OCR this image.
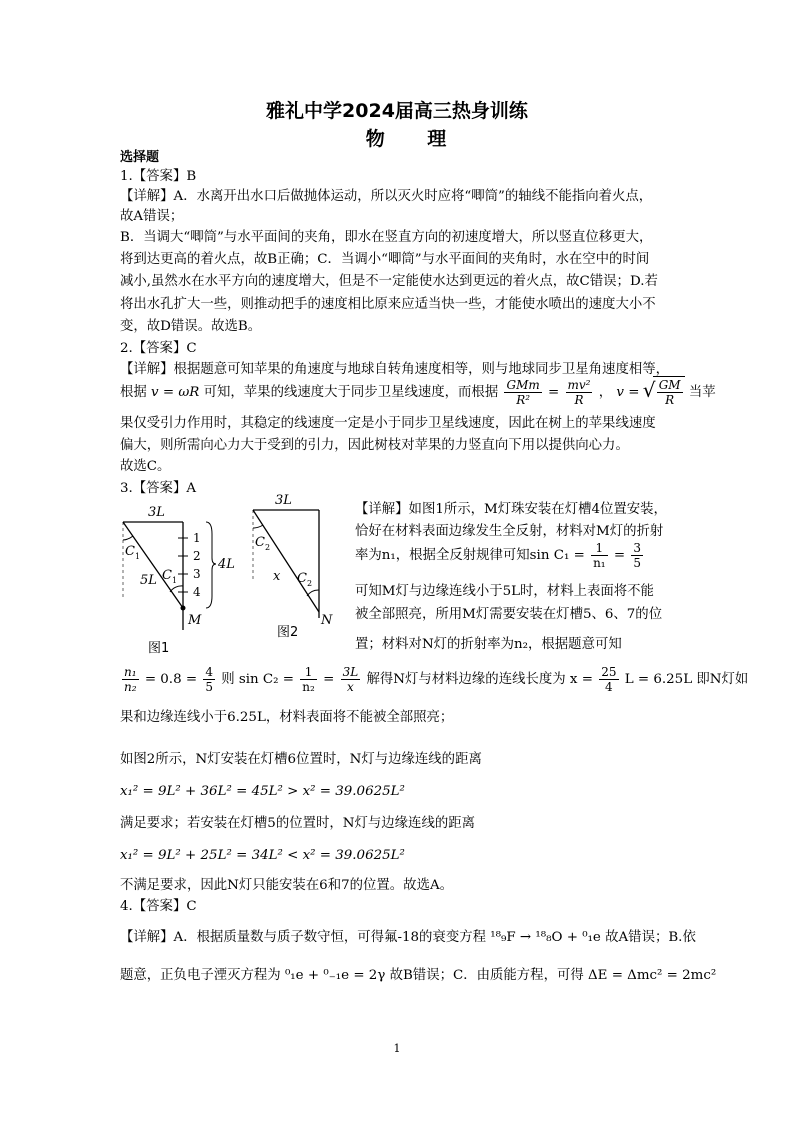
雅礼中学2024届高三热身训练
物 理
选择题
1.【答案】B
【详解】A．水离开出水口后做抛体运动，所以灭火时应将“唧筒”的轴线不能指向着火点，
故A错误；
B．当调大“唧筒”与水平面间的夹角，即水在竖直方向的初速度增大，所以竖直位移更大，
将到达更高的着火点，故B正确；C．当调小“唧筒”与水平面间的夹角时，水在空中的时间
减小,虽然水在水平方向的速度增大，但是不一定能使水达到更远的着火点，故C错误；D.若
将出水孔扩大一些，则推动把手的速度相比原来应适当快一些，才能使水喷出的速度大小不
变，故D错误。故选B。
2.【答案】C
【详解】根据题意可知苹果的角速度与地球自转角速度相等，则与地球同步卫星角速度相等，
根据 v = ωR 可知，苹果的线速度大于同步卫星线速度，而根据 $\frac{\text{GMm}}{\text{R²}} = \frac{\text{mv²}}{R}$ ， v =
√ $\frac{GM}{R}$ 当苹
果仅受引力作用时，其稳定的线速度一定是小于同步卫星线速度，因此在树上的苹果线速度
偏大，则所需向心力大于受到的引力，因此树枝对苹果的力竖直向下用以提供向心力。
故选C。
3.【答案】A
3L
4L
5L
C 1
C 1
1
2
3
4
M
图1
3L
C 2
x C 2
N
图2
【详解】如图1所示，M灯珠安装在灯槽4位置安装，
恰好在材料表面边缘发生全反射，材料对M灯的折射
率为n₁，根据全反射规律可知$\sin C_1 = \frac{1}{\text{n₁}} = \frac{3}{5}$
可知M灯与边缘连线小于5L时，材料上表面将不能
被全部照亮，所用M灯需要安装在灯槽5、6、7的位
置；材料对N灯的折射率为n₂，根据题意可知
$\frac{\text{n₁}}{\text{n₂}} = 0.8 = \frac{4}{5}$ 则 $\sin C_2 = \frac{1}{\text{n₂}} = \frac{3L}{x}$ 解得N灯与材料边缘的连线长度为 $x = \frac{25}{4}$ L = 6.25L 即N灯如
果和边缘连线小于6.25L，材料表面将不能被全部照亮；
如图2所示，N灯安装在灯槽6位置时，N灯与边缘连线的距离
x₁² = 9L² + 36L² = 45L² > x² = 39.0625L²
满足要求；若安装在灯槽5的位置时，N灯与边缘连线的距离
x₁² = 9L² + 25L² = 34L² < x² = 39.0625L²
不满足要求，因此N灯只能安装在6和7的位置。故选A。
4.【答案】C
【详解】A．根据质量数与质子数守恒，可得氟-18的衰变方程 ¹⁸₉F → ¹⁸₈O + ⁰₁e 故A错误；B.依
题意，正负电子湮灭方程为 ⁰₁e + ⁰₋₁e = 2γ 故B错误；C．由质能方程，可得 ΔE = Δmc² = 2mc²
1
